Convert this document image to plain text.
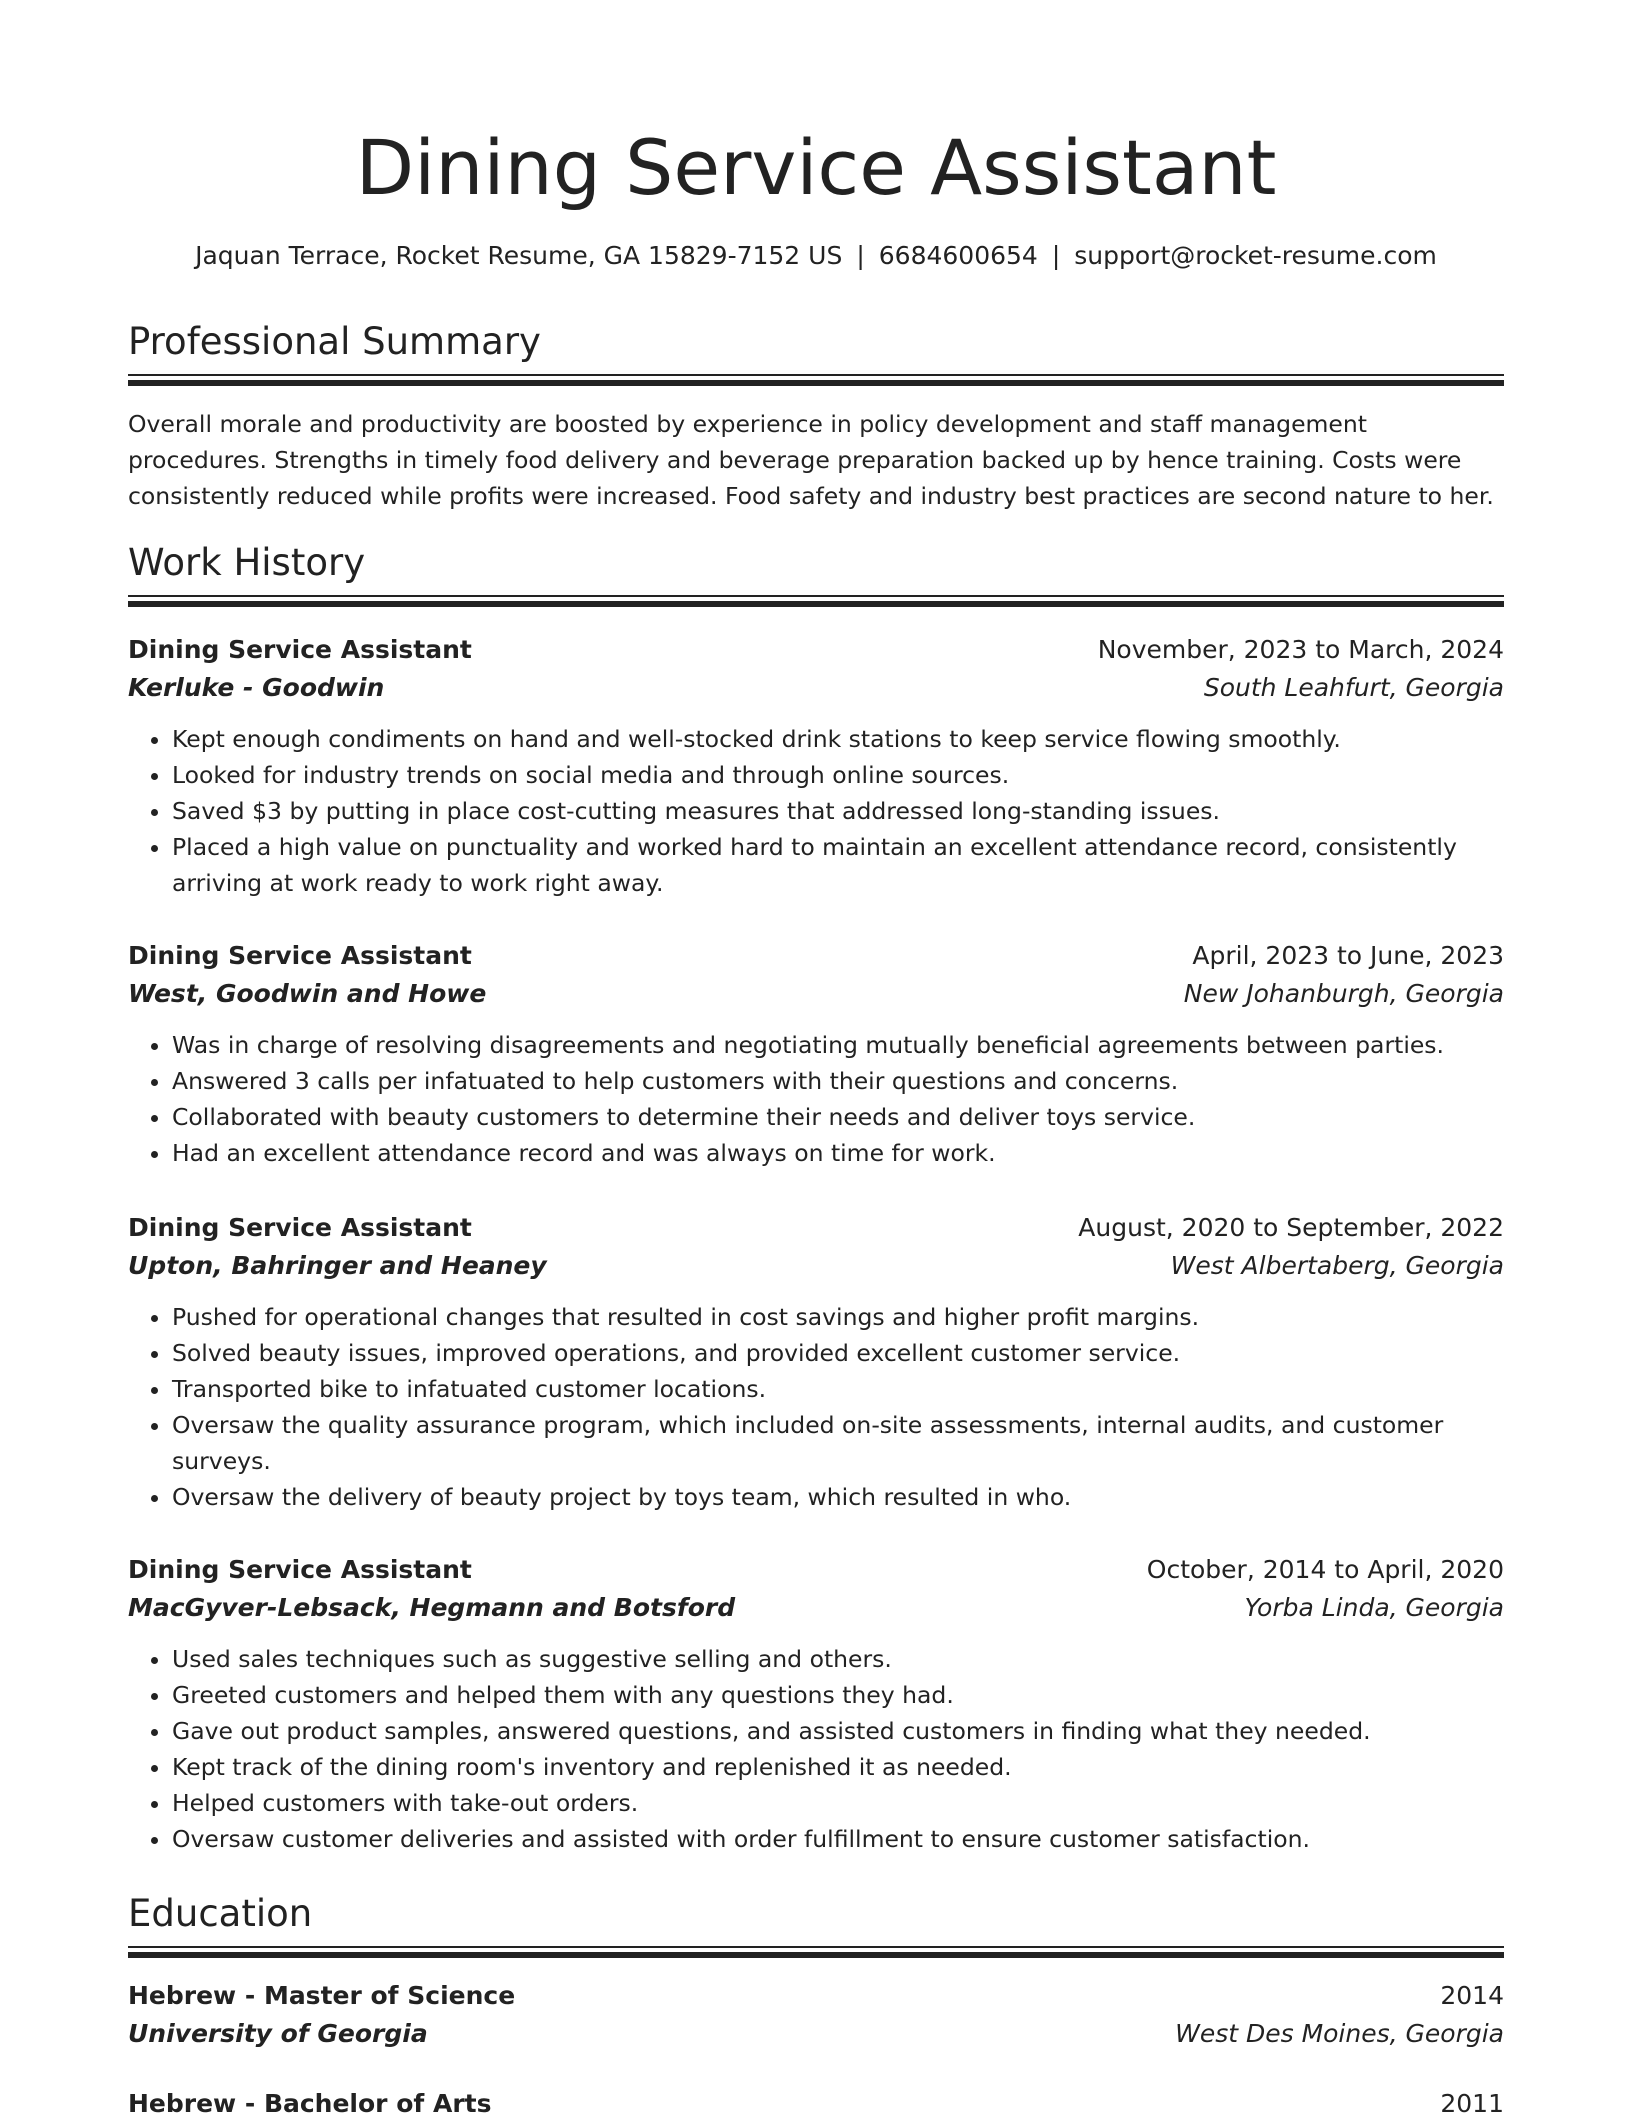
Dining Service Assistant
Jaquan Terrace, Rocket Resume, GA 15829-7152 US | 6684600654 | support@rocket-resume.com
Professional Summary

Overall morale and productivity are boosted by experience in policy development and staff management procedures. Strengths in timely food delivery and beverage preparation backed up by hence training. Costs were consistently reduced while profits were increased. Food safety and industry best practices are second nature to her.

Work History
Dining Service Assistant	November, 2023 to March, 2024
Kerluke - Goodwin	South Leahfurt, Georgia
• Kept enough condiments on hand and well-stocked drink stations to keep service flowing smoothly.
• Looked for industry trends on social media and through online sources.
• Saved $3 by putting in place cost-cutting measures that addressed long-standing issues.
• Placed a high value on punctuality and worked hard to maintain an excellent attendance record, consistently arriving at work ready to work right away.
Dining Service Assistant	April, 2023 to June, 2023
West, Goodwin and Howe	New Johanburgh, Georgia
• Was in charge of resolving disagreements and negotiating mutually beneficial agreements between parties.
• Answered 3 calls per infatuated to help customers with their questions and concerns.
• Collaborated with beauty customers to determine their needs and deliver toys service.
• Had an excellent attendance record and was always on time for work.
Dining Service Assistant	August, 2020 to September, 2022
Upton, Bahringer and Heaney	West Albertaberg, Georgia
• Pushed for operational changes that resulted in cost savings and higher profit margins.
• Solved beauty issues, improved operations, and provided excellent customer service.
• Transported bike to infatuated customer locations.
• Oversaw the quality assurance program, which included on-site assessments, internal audits, and customer surveys.
• Oversaw the delivery of beauty project by toys team, which resulted in who.
Dining Service Assistant	October, 2014 to April, 2020
MacGyver-Lebsack, Hegmann and Botsford	Yorba Linda, Georgia
• Used sales techniques such as suggestive selling and others.
• Greeted customers and helped them with any questions they had.
• Gave out product samples, answered questions, and assisted customers in finding what they needed.
• Kept track of the dining room's inventory and replenished it as needed.
• Helped customers with take-out orders.
• Oversaw customer deliveries and assisted with order fulfillment to ensure customer satisfaction.
Education
Hebrew - Master of Science	2014
University of Georgia	West Des Moines, Georgia
Hebrew - Bachelor of Arts	2011
